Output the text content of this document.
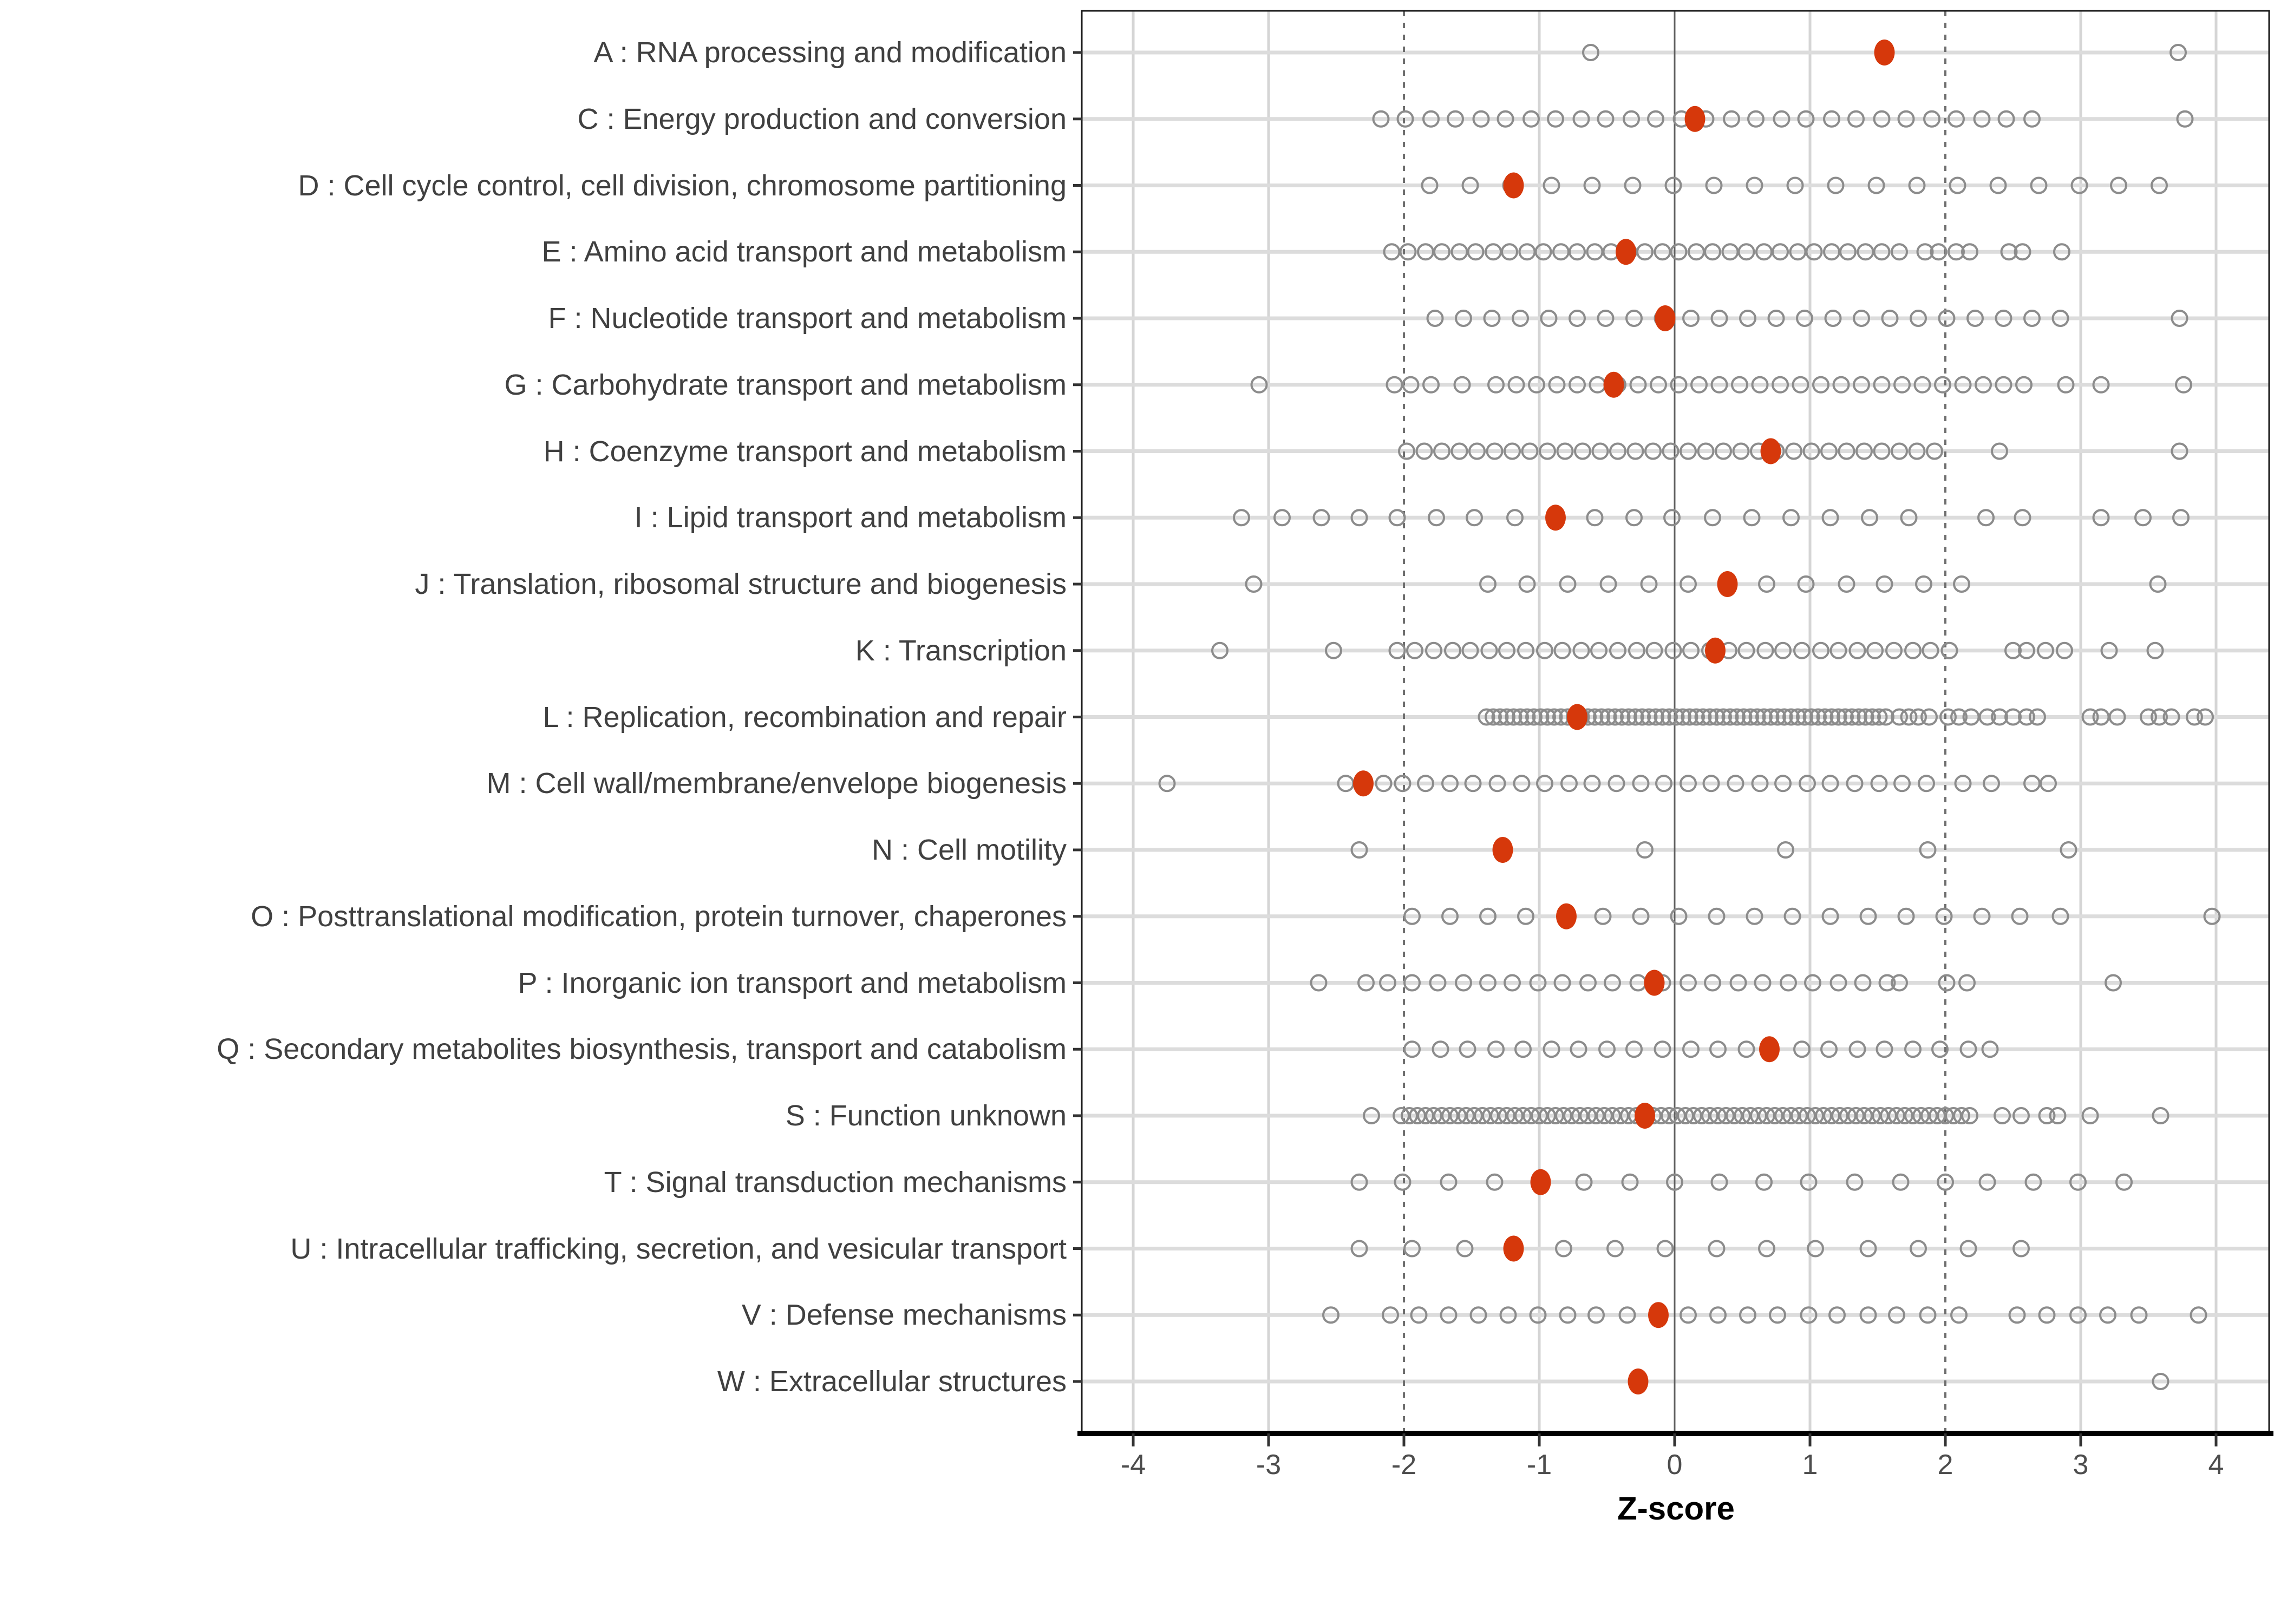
A : RNA processing and modification
C : Energy production and conversion
D : Cell cycle control, cell division, chromosome partitioning
E : Amino acid transport and metabolism
F : Nucleotide transport and metabolism
G : Carbohydrate transport and metabolism
H : Coenzyme transport and metabolism
I : Lipid transport and metabolism
J : Translation, ribosomal structure and biogenesis
K : Transcription
L : Replication, recombination and repair
M : Cell wall/membrane/envelope biogenesis
N : Cell motility
O : Posttranslational modification, protein turnover, chaperones
P : Inorganic ion transport and metabolism
Q : Secondary metabolites biosynthesis, transport and catabolism
S : Function unknown
T : Signal transduction mechanisms
U : Intracellular trafficking, secretion, and vesicular transport
V : Defense mechanisms
W : Extracellular structures
-4	-3	-2	-1	0	1	2	3	4
Z-score
